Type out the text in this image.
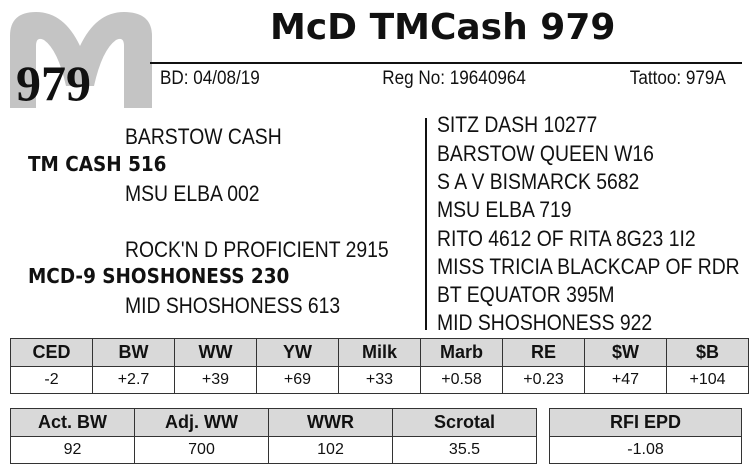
979
McD TMCash 979
BD: 04/08/19	Reg No: 19640964	Tattoo: 979A
BARSTOW CASH
TM CASH 516
MSU ELBA 002
ROCK'N D PROFICIENT 2915
MCD-9 SHOSHONESS 230
MID SHOSHONESS 613
SITZ DASH 10277
BARSTOW QUEEN W16
S A V BISMARCK 5682
MSU ELBA 719
RITO 4612 OF RITA 8G23 1I2
MISS TRICIA BLACKCAP OF RDR
BT EQUATOR 395M
MID SHOSHONESS 922
CED	BW	WW	YW	Milk	Marb	RE	$W	$B
-2	+2.7	+39	+69	+33	+0.58	+0.23	+47	+104
Act. BW	Adj. WW	WWR	Scrotal
92	700	102	35.5
RFI EPD
-1.08
